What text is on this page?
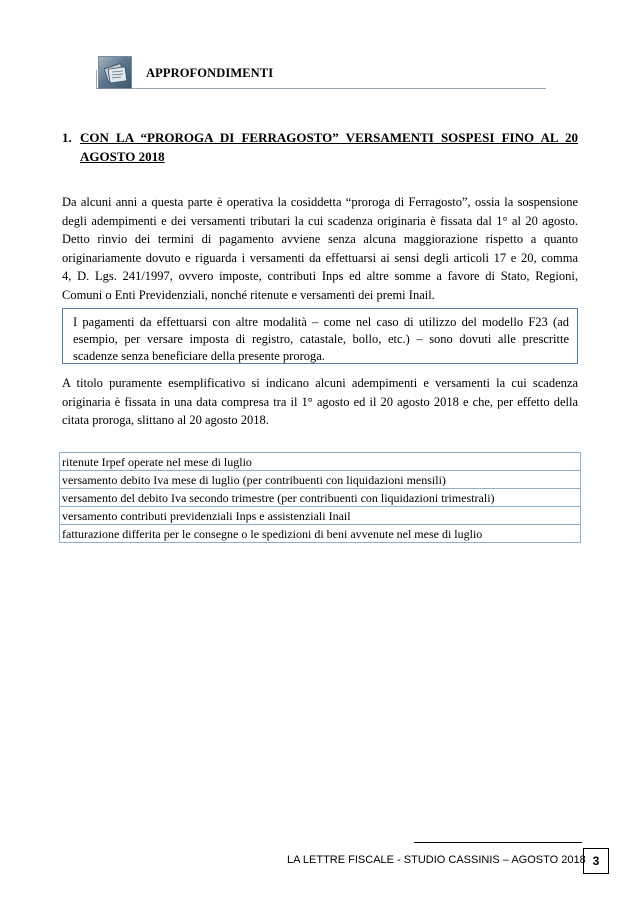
APPROFONDIMENTI
1. CON LA “PROROGA DI FERRAGOSTO” VERSAMENTI SOSPESI FINO AL 20
AGOSTO 2018
Da alcuni anni a questa parte è operativa la cosiddetta “proroga di Ferragosto”, ossia la sospensione
degli adempimenti e dei versamenti tributari la cui scadenza originaria è fissata dal 1° al 20 agosto.
Detto rinvio dei termini di pagamento avviene senza alcuna maggiorazione rispetto a quanto
originariamente dovuto e riguarda i versamenti da effettuarsi ai sensi degli articoli 17 e 20, comma
4, D. Lgs. 241/1997, ovvero imposte, contributi Inps ed altre somme a favore di Stato, Regioni,
Comuni o Enti Previdenziali, nonché ritenute e versamenti dei premi Inail.
I pagamenti da effettuarsi con altre modalità – come nel caso di utilizzo del modello F23 (ad
esempio, per versare imposta di registro, catastale, bollo, etc.) – sono dovuti alle prescritte
scadenze senza beneficiare della presente proroga.
A titolo puramente esemplificativo si indicano alcuni adempimenti e versamenti la cui scadenza
originaria è fissata in una data compresa tra il 1° agosto ed il 20 agosto 2018 e che, per effetto della
citata proroga, slittano al 20 agosto 2018.
ritenute Irpef operate nel mese di luglio
versamento debito Iva mese di luglio (per contribuenti con liquidazioni mensili)
versamento del debito Iva secondo trimestre (per contribuenti con liquidazioni trimestrali)
versamento contributi previdenziali Inps e assistenziali Inail
fatturazione differita per le consegne o le spedizioni di beni avvenute nel mese di luglio
LA LETTRE FISCALE - STUDIO CASSINIS – AGOSTO 2018 3
